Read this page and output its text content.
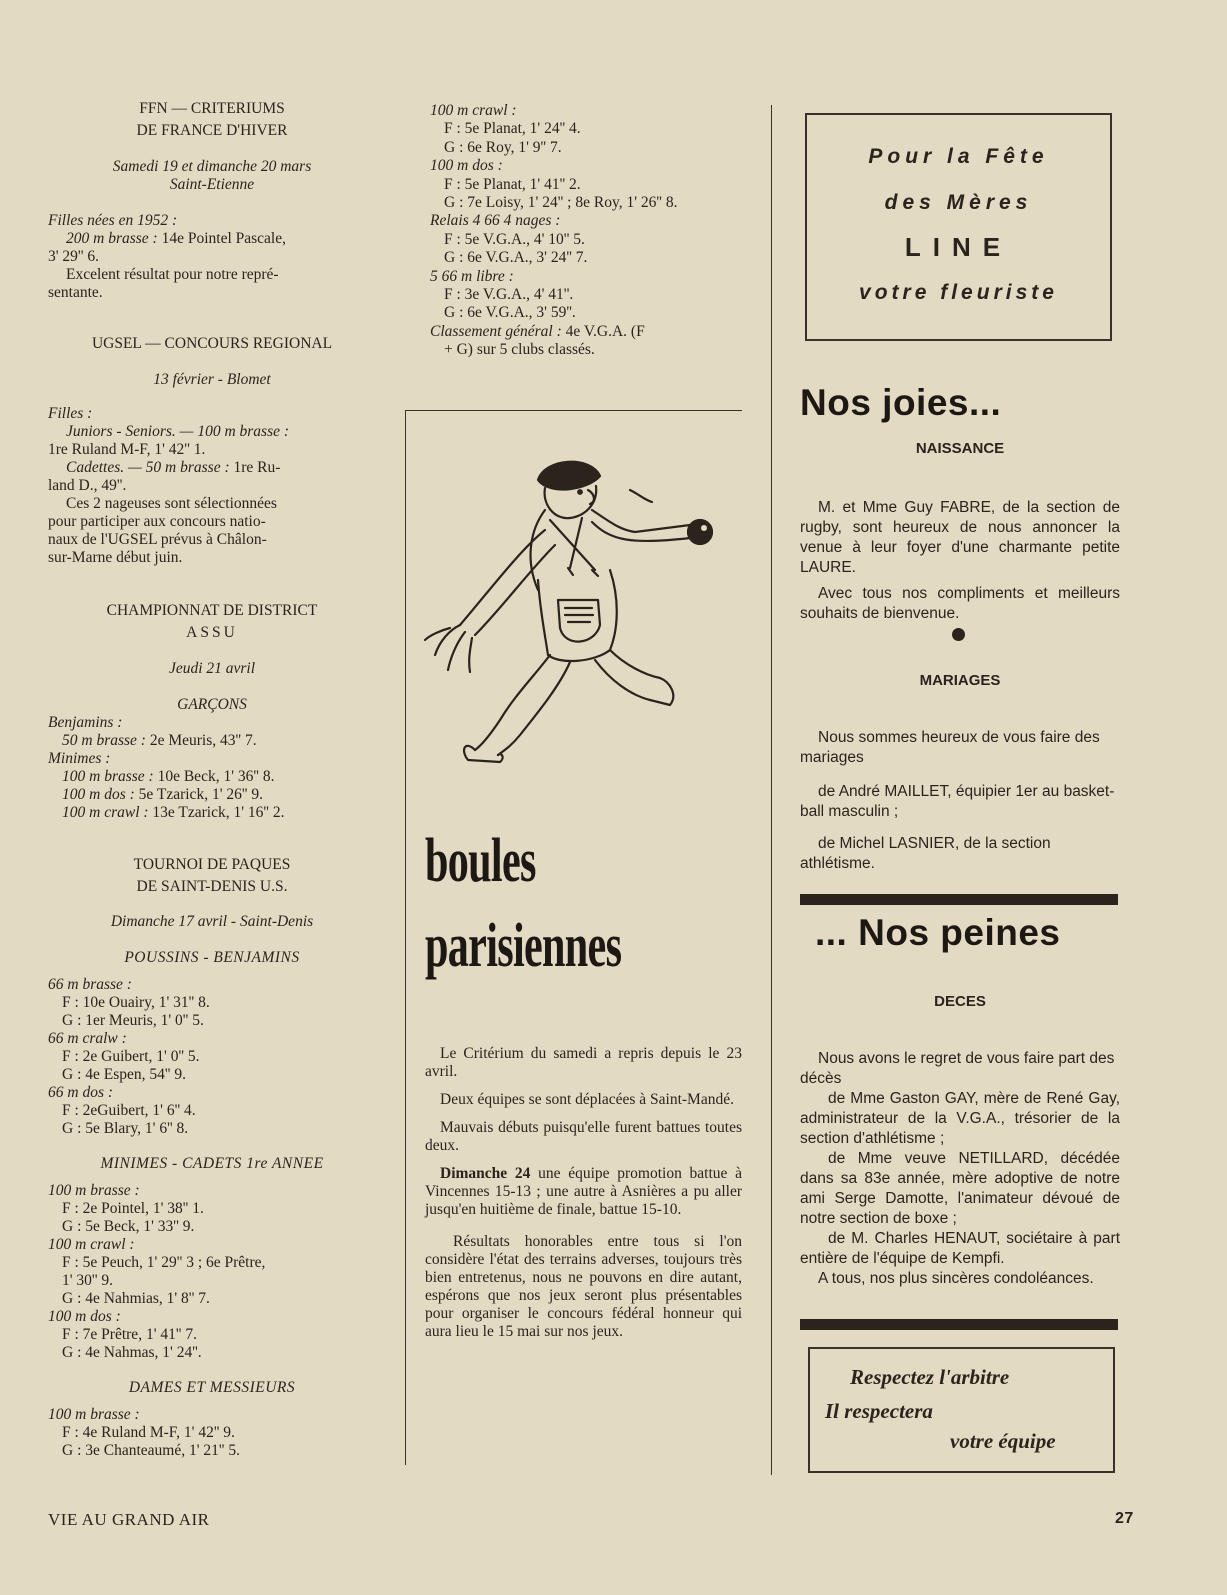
FFN — CRITERIUMS
DE FRANCE D'HIVER
Samedi 19 et dimanche 20 mars
Saint-Etienne
Filles nées en 1952 :
200 m brasse : 14e Pointel Pascale,
3' 29'' 6.
Excelent résultat pour notre repré-
sentante.
UGSEL — CONCOURS REGIONAL
13 février - Blomet
Filles :
Juniors - Seniors. — 100 m brasse :
1re Ruland M-F, 1' 42'' 1.
Cadettes. — 50 m brasse : 1re Ru-
land D., 49''.
Ces 2 nageuses sont sélectionnées
pour participer aux concours natio-
naux de l'UGSEL prévus à Châlon-
sur-Marne début juin.
CHAMPIONNAT DE DISTRICT
ASSU
Jeudi 21 avril
GARÇONS
Benjamins :
50 m brasse : 2e Meuris, 43'' 7.
Minimes :
100 m brasse : 10e Beck, 1' 36'' 8.
100 m dos : 5e Tzarick, 1' 26'' 9.
100 m crawl : 13e Tzarick, 1' 16'' 2.
TOURNOI DE PAQUES
DE SAINT-DENIS U.S.
Dimanche 17 avril - Saint-Denis
POUSSINS - BENJAMINS
66 m brasse :
F : 10e Ouairy, 1' 31'' 8.
G : 1er Meuris, 1' 0'' 5.
66 m cralw :
F : 2e Guibert, 1' 0'' 5.
G : 4e Espen, 54'' 9.
66 m dos :
F : 2eGuibert, 1' 6'' 4.
G : 5e Blary, 1' 6'' 8.
MINIMES - CADETS 1re ANNEE
100 m brasse :
F : 2e Pointel, 1' 38'' 1.
G : 5e Beck, 1' 33'' 9.
100 m crawl :
F : 5e Peuch, 1' 29'' 3 ; 6e Prêtre,
1' 30'' 9.
G : 4e Nahmias, 1' 8'' 7.
100 m dos :
F : 7e Prêtre, 1' 41'' 7.
G : 4e Nahmas, 1' 24''.
DAMES ET MESSIEURS
100 m brasse :
F : 4e Ruland M-F, 1' 42'' 9.
G : 3e Chanteaumé, 1' 21'' 5.
100 m crawl :
F : 5e Planat, 1' 24'' 4.
G : 6e Roy, 1' 9'' 7.
100 m dos :
F : 5e Planat, 1' 41'' 2.
G : 7e Loisy, 1' 24'' ; 8e Roy, 1' 26'' 8.
Relais 4 66 4 nages :
F : 5e V.G.A., 4' 10'' 5.
G : 6e V.G.A., 3' 24'' 7.
5 66 m libre :
F : 3e V.G.A., 4' 41''.
G : 6e V.G.A., 3' 59''.
Classement général : 4e V.G.A. (F
+ G) sur 5 clubs classés.
boules
parisiennes

Le Critérium du samedi a repris depuis le 23 avril.

Deux équipes se sont déplacées à Saint-Mandé.

Mauvais débuts puisqu'elle furent battues toutes deux.

Dimanche 24 une équipe promotion battue à Vincennes 15-13 ; une autre à Asnières a pu aller jusqu'en huitième de finale, battue 15-10.

Résultats honorables entre tous si l'on considère l'état des terrains adverses, toujours très bien entretenus, nous ne pouvons en dire autant, espérons que nos jeux seront plus présentables pour organiser le concours fédéral honneur qui aura lieu le 15 mai sur nos jeux.

Pour la Fête
des Mères
LINE
votre fleuriste
Nos joies...
NAISSANCE

M. et Mme Guy FABRE, de la section de rugby, sont heureux de nous annoncer la venue à leur foyer d'une charmante petite LAURE.

Avec tous nos compliments et meilleurs souhaits de bienvenue.

MARIAGES

Nous sommes heureux de vous faire des mariages

de André MAILLET, équipier 1er au basket-ball masculin ;

de Michel LASNIER, de la section athlétisme.

... Nos peines
DECES

Nous avons le regret de vous faire part des décès

de Mme Gaston GAY, mère de René Gay, administrateur de la V.G.A., trésorier de la section d'athlétisme ;

de Mme veuve NETILLARD, décédée dans sa 83e année, mère adoptive de notre ami Serge Damotte, l'animateur dévoué de notre section de boxe ;

de M. Charles HENAUT, sociétaire à part entière de l'équipe de Kempfi.

A tous, nos plus sincères condoléances.

Respectez l'arbitre
Il respectera
votre équipe
VIE AU GRAND AIR	27
